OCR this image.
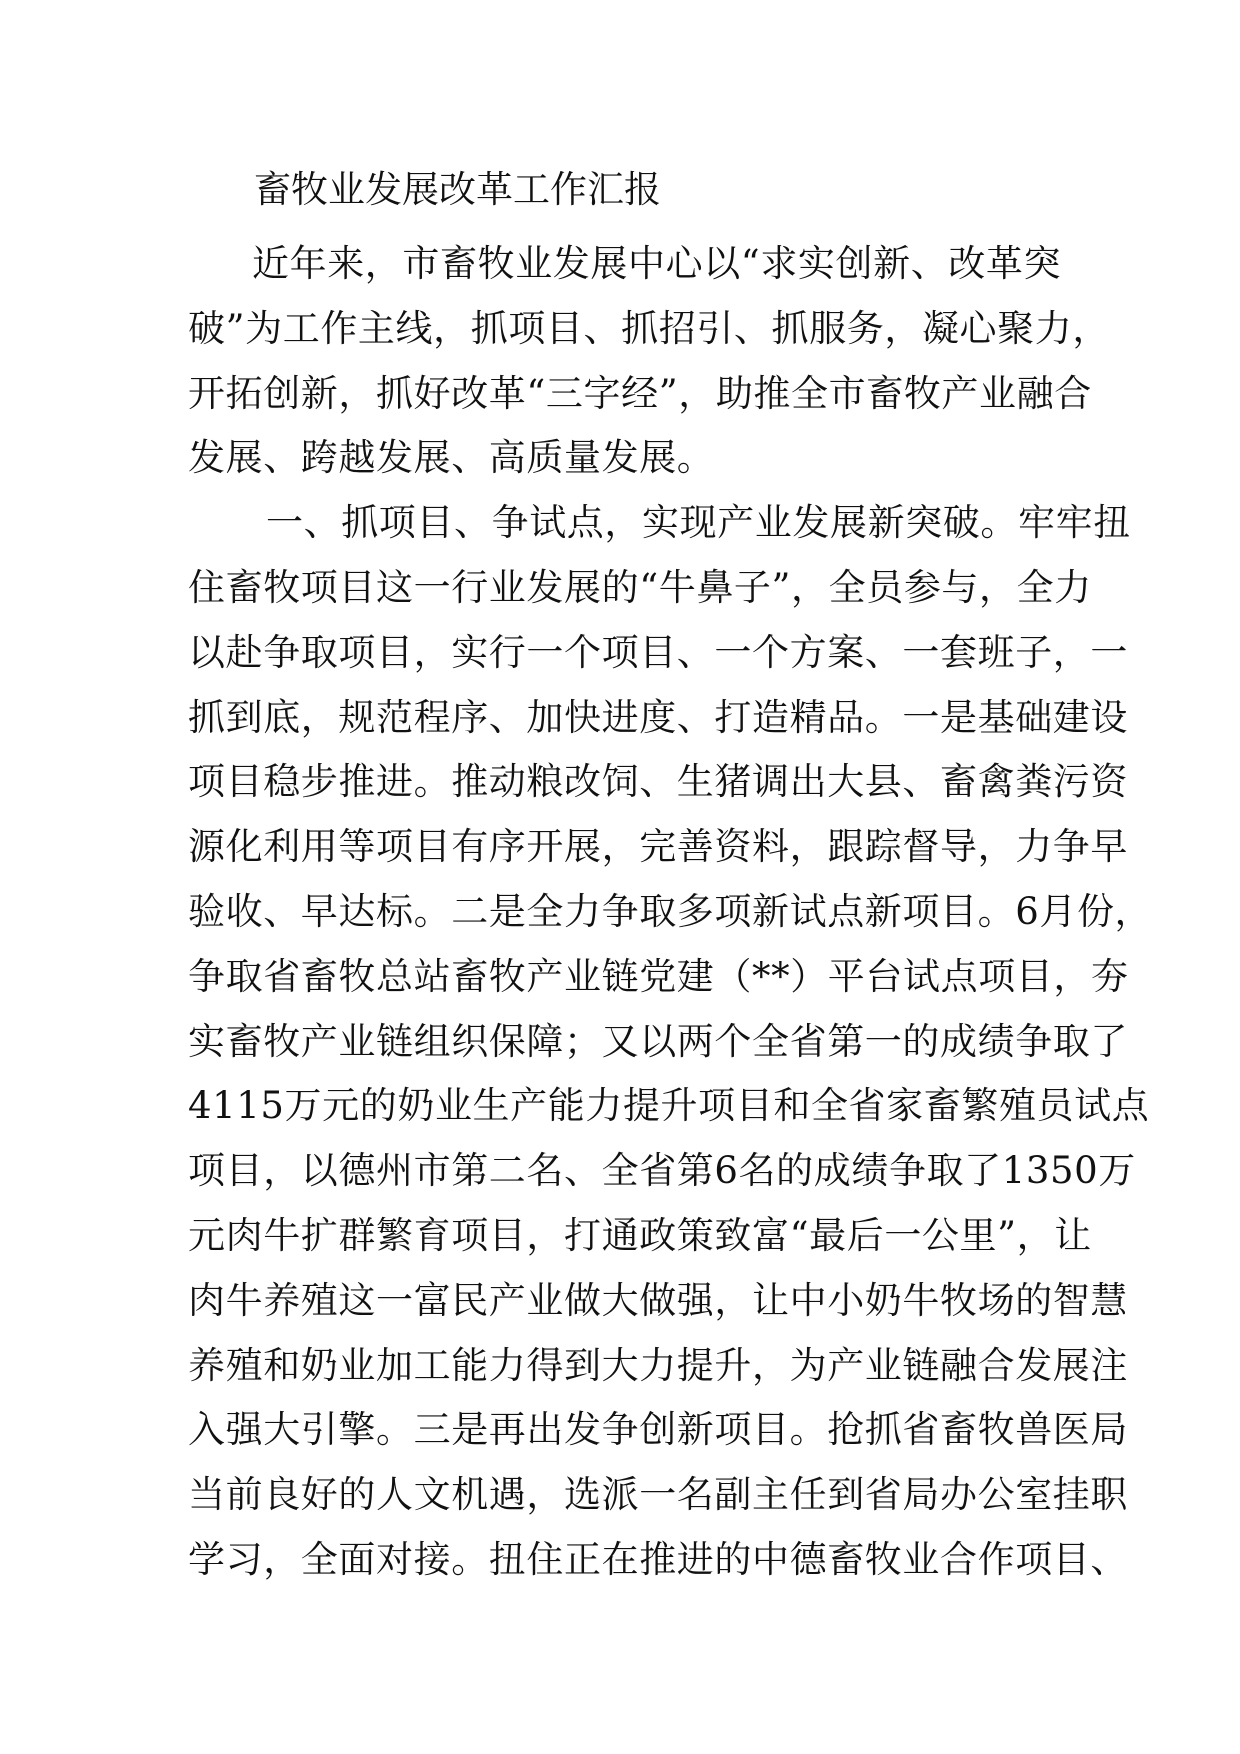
畜牧业发展改革工作汇报
近年来，市畜牧业发展中心以“求实创新、改革突
破”为工作主线，抓项目、抓招引、抓服务，凝心聚力，
开拓创新，抓好改革“三字经”，助推全市畜牧产业融合
发展、跨越发展、高质量发展。
一、抓项目、争试点，实现产业发展新突破。牢牢扭
住畜牧项目这一行业发展的“牛鼻子”，全员参与，全力
以赴争取项目，实行一个项目、一个方案、一套班子，一
抓到底，规范程序、加快进度、打造精品。一是基础建设
项目稳步推进。推动粮改饲、生猪调出大县、畜禽粪污资
源化利用等项目有序开展，完善资料，跟踪督导，力争早
验收、早达标。二是全力争取多项新试点新项目。6月份，
争取省畜牧总站畜牧产业链党建（**）平台试点项目，夯
实畜牧产业链组织保障；又以两个全省第一的成绩争取了
4115万元的奶业生产能力提升项目和全省家畜繁殖员试点
项目，以德州市第二名、全省第6名的成绩争取了1350万
元肉牛扩群繁育项目，打通政策致富“最后一公里”，让
肉牛养殖这一富民产业做大做强，让中小奶牛牧场的智慧
养殖和奶业加工能力得到大力提升，为产业链融合发展注
入强大引擎。三是再出发争创新项目。抢抓省畜牧兽医局
当前良好的人文机遇，选派一名副主任到省局办公室挂职
学习，全面对接。扭住正在推进的中德畜牧业合作项目、
